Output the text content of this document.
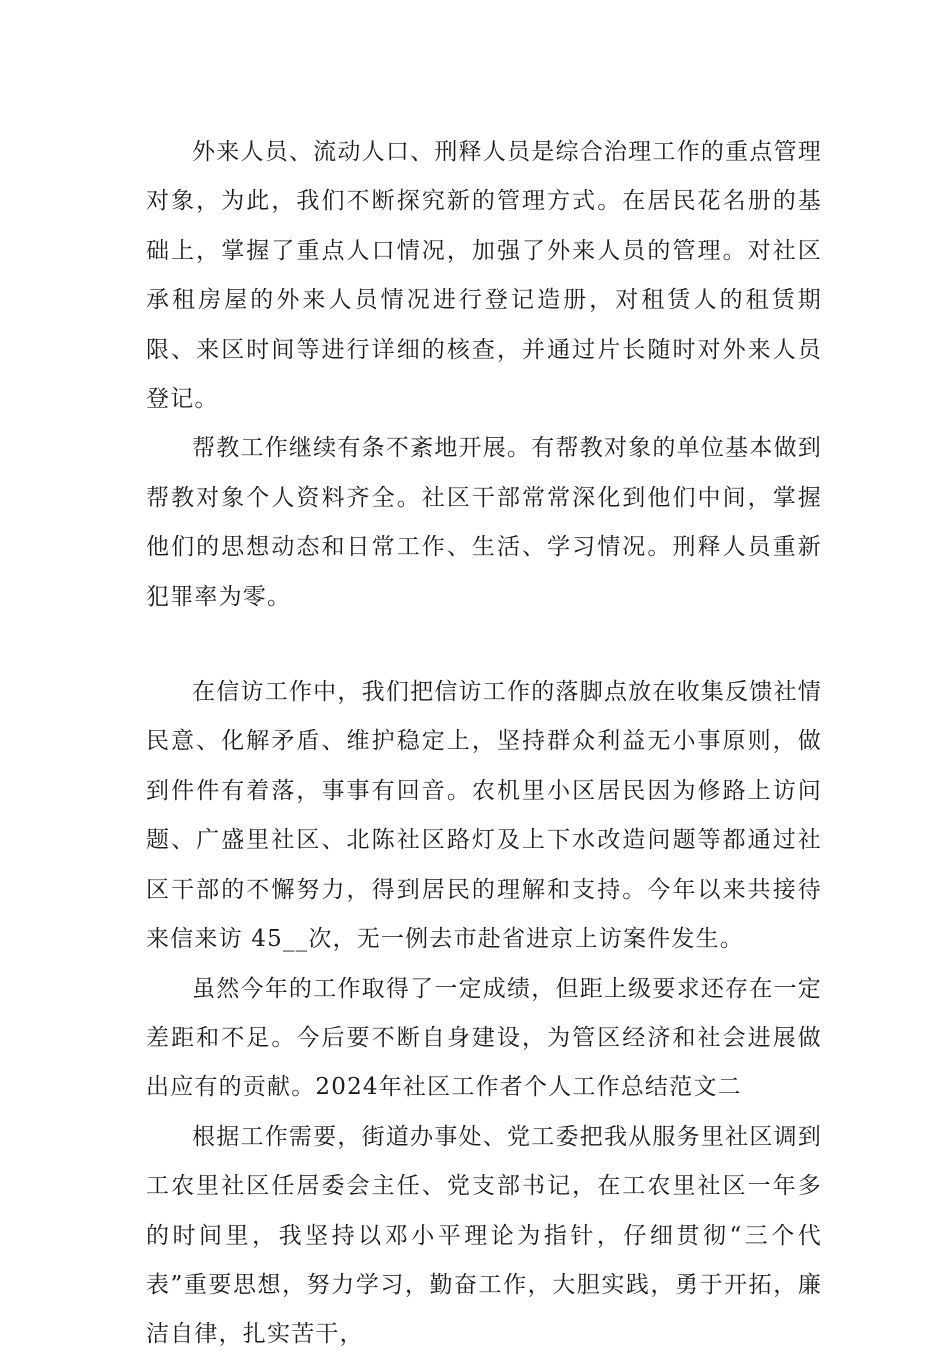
外来人员、流动人口、刑释人员是综合治理工作的重点管理对象，为此，我们不断探究新的管理方式。在居民花名册的基础上，掌握了重点人口情况，加强了外来人员的管理。对社区承租房屋的外来人员情况进行登记造册，对租赁人的租赁期限、来区时间等进行详细的核查，并通过片长随时对外来人员登记。

帮教工作继续有条不紊地开展。有帮教对象的单位基本做到帮教对象个人资料齐全。社区干部常常深化到他们中间，掌握他们的思想动态和日常工作、生活、学习情况。刑释人员重新犯罪率为零。

在信访工作中，我们把信访工作的落脚点放在收集反馈社情民意、化解矛盾、维护稳定上，坚持群众利益无小事原则，做到件件有着落，事事有回音。农机里小区居民因为修路上访问题、广盛里社区、北陈社区路灯及上下水改造问题等都通过社区干部的不懈努力，得到居民的理解和支持。今年以来共接待来信来访 45__次，无一例去市赴省进京上访案件发生。

虽然今年的工作取得了一定成绩，但距上级要求还存在一定差距和不足。今后要不断自身建设，为管区经济和社会进展做出应有的贡献。2024年社区工作者个人工作总结范文二

根据工作需要，街道办事处、党工委把我从服务里社区调到工农里社区任居委会主任、党支部书记，在工农里社区一年多的时间里，我坚持以邓小平理论为指针，仔细贯彻“三个代表”重要思想，努力学习，勤奋工作，大胆实践，勇于开拓，廉洁自律，扎实苦干，
